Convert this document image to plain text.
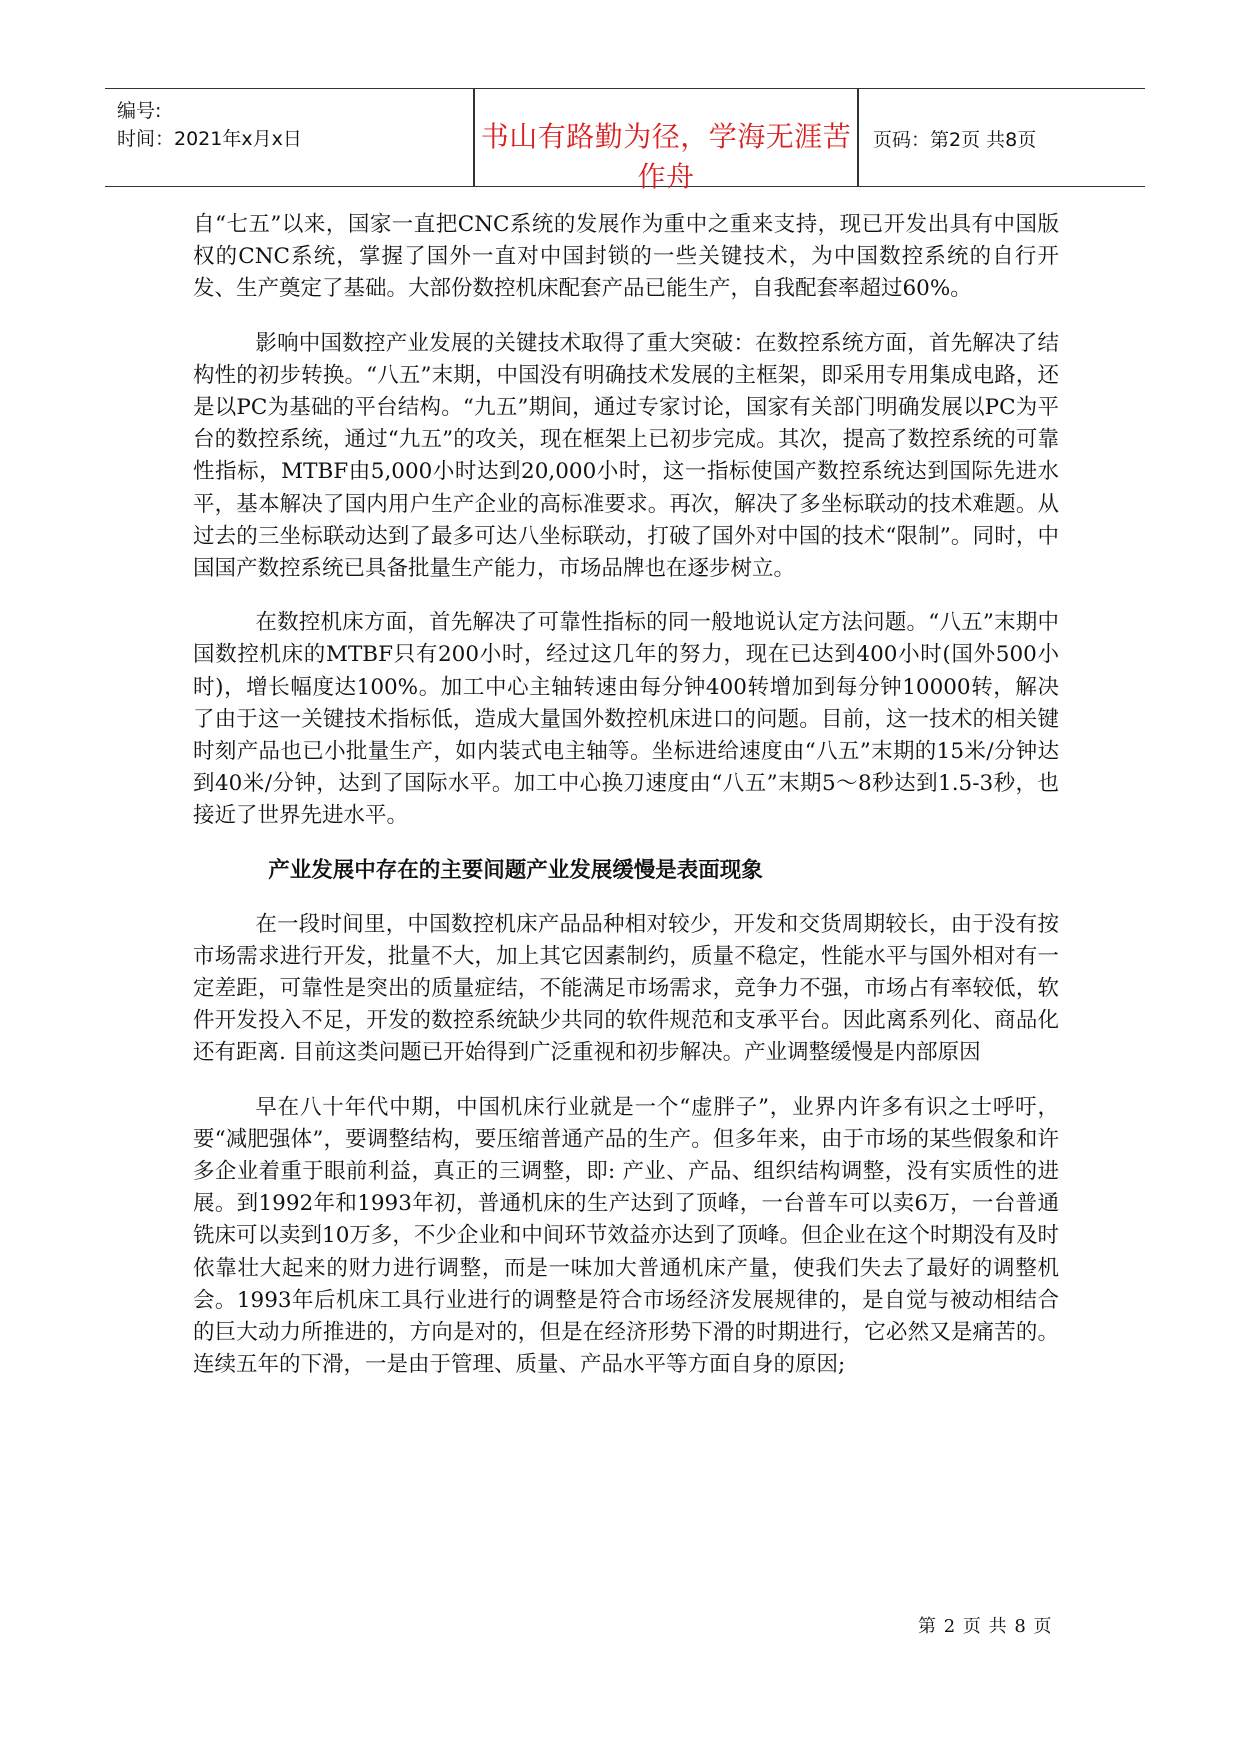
编号:
时间：2021年x月x日	书山有路勤为径，学海无涯苦作舟
页码：第2页 共8页

自“七五”以来，国家一直把CNC系统的发展作为重中之重来支持，现已开发出具有中国版权的CNC系统，掌握了国外一直对中国封锁的一些关键技术，为中国数控系统的自行开发、生产奠定了基础。大部份数控机床配套产品已能生产，自我配套率超过60%。

影响中国数控产业发展的关键技术取得了重大突破：在数控系统方面，首先解决了结构性的初步转换。“八五”末期，中国没有明确技术发展的主框架，即采用专用集成电路，还是以PC为基础的平台结构。“九五”期间，通过专家讨论，国家有关部门明确发展以PC为平台的数控系统，通过“九五”的攻关，现在框架上已初步完成。其次，提高了数控系统的可靠性指标，MTBF由5,000小时达到20,000小时，这一指标使国产数控系统达到国际先进水平，基本解决了国内用户生产企业的高标准要求。再次，解决了多坐标联动的技术难题。从过去的三坐标联动达到了最多可达八坐标联动，打破了国外对中国的技术“限制”。同时，中国国产数控系统已具备批量生产能力，市场品牌也在逐步树立。

在数控机床方面，首先解决了可靠性指标的同一般地说认定方法问题。“八五”末期中国数控机床的MTBF只有200小时，经过这几年的努力，现在已达到400小时(国外500小时)，增长幅度达100%。加工中心主轴转速由每分钟400转增加到每分钟10000转，解决了由于这一关键技术指标低，造成大量国外数控机床进口的问题。目前，这一技术的相关键时刻产品也已小批量生产，如内装式电主轴等。坐标进给速度由“八五”末期的15米/分钟达到40米/分钟，达到了国际水平。加工中心换刀速度由“八五”末期5～8秒达到1.5-3秒，也接近了世界先进水平。

产业发展中存在的主要间题产业发展缓慢是表面现象

在一段时间里，中国数控机床产品品种相对较少，开发和交货周期较长，由于没有按市场需求进行开发，批量不大，加上其它因素制约，质量不稳定，性能水平与国外相对有一定差距，可靠性是突出的质量症结，不能满足市场需求，竞争力不强，市场占有率较低，软件开发投入不足，开发的数控系统缺少共同的软件规范和支承平台。因此离系列化、商品化还有距离. 目前这类问题已开始得到广泛重视和初步解决。产业调整缓慢是内部原因

早在八十年代中期，中国机床行业就是一个“虚胖子”，业界内许多有识之士呼吁，要“减肥强体”，要调整结构，要压缩普通产品的生产。但多年来，由于市场的某些假象和许多企业着重于眼前利益，真正的三调整，即: 产业、产品、组织结构调整，没有实质性的进展。到1992年和1993年初，普通机床的生产达到了顶峰，一台普车可以卖6万，一台普通铣床可以卖到10万多，不少企业和中间环节效益亦达到了顶峰。但企业在这个时期没有及时依靠壮大起来的财力进行调整，而是一味加大普通机床产量，使我们失去了最好的调整机会。1993年后机床工具行业进行的调整是符合市场经济发展规律的，是自觉与被动相结合的巨大动力所推进的，方向是对的，但是在经济形势下滑的时期进行，它必然又是痛苦的。连续五年的下滑，一是由于管理、质量、产品水平等方面自身的原因;

第 2 页 共 8 页
